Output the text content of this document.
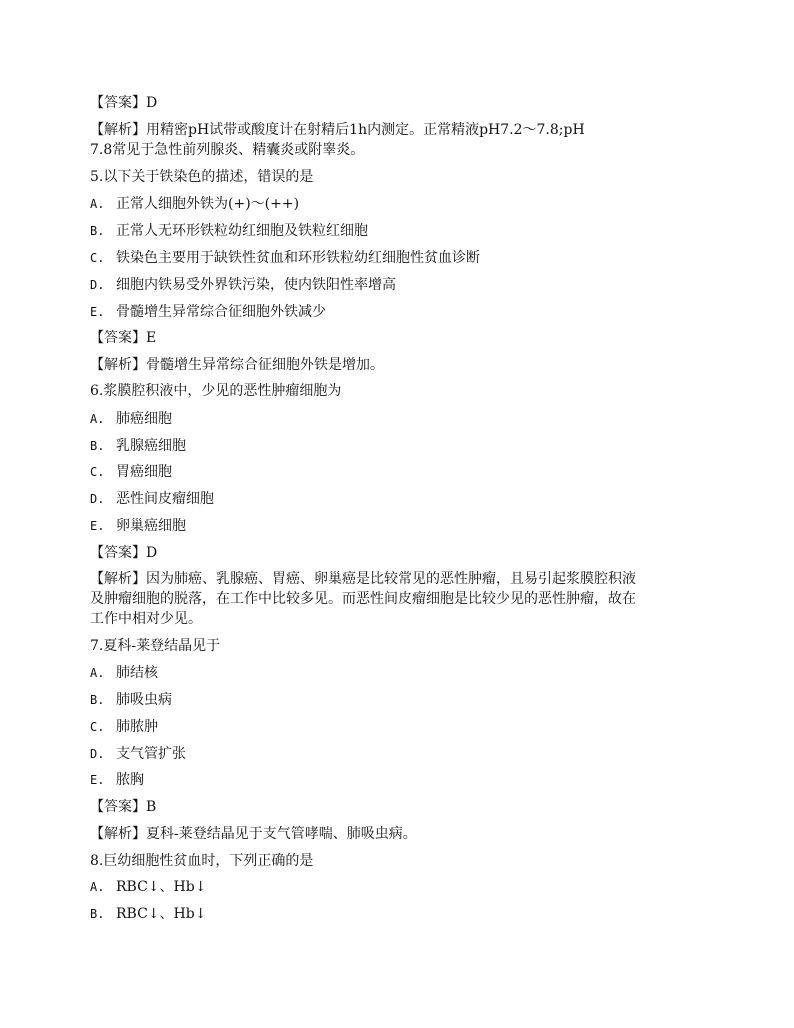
【答案】D
【解析】用精密pH试带或酸度计在射精后1h内测定。正常精液pH7.2～7.8;pH
7.8常见于急性前列腺炎、精囊炎或附睾炎。
5.以下关于铁染色的描述，错误的是
A. 正常人细胞外铁为(+)～(++)
B. 正常人无环形铁粒幼红细胞及铁粒红细胞
C. 铁染色主要用于缺铁性贫血和环形铁粒幼红细胞性贫血诊断
D. 细胞内铁易受外界铁污染，使内铁阳性率增高
E. 骨髓增生异常综合征细胞外铁减少
【答案】E
【解析】骨髓增生异常综合征细胞外铁是增加。
6.浆膜腔积液中，少见的恶性肿瘤细胞为
A. 肺癌细胞
B. 乳腺癌细胞
C. 胃癌细胞
D. 恶性间皮瘤细胞
E. 卵巢癌细胞
【答案】D
【解析】因为肺癌、乳腺癌、胃癌、卵巢癌是比较常见的恶性肿瘤，且易引起浆膜腔积液
及肿瘤细胞的脱落，在工作中比较多见。而恶性间皮瘤细胞是比较少见的恶性肿瘤，故在
工作中相对少见。
7.夏科-莱登结晶见于
A. 肺结核
B. 肺吸虫病
C. 肺脓肿
D. 支气管扩张
E. 脓胸
【答案】B
【解析】夏科-莱登结晶见于支气管哮喘、肺吸虫病。
8.巨幼细胞性贫血时，下列正确的是
A. RBC↓、Hb↓
B. RBC↓、Hb↓
